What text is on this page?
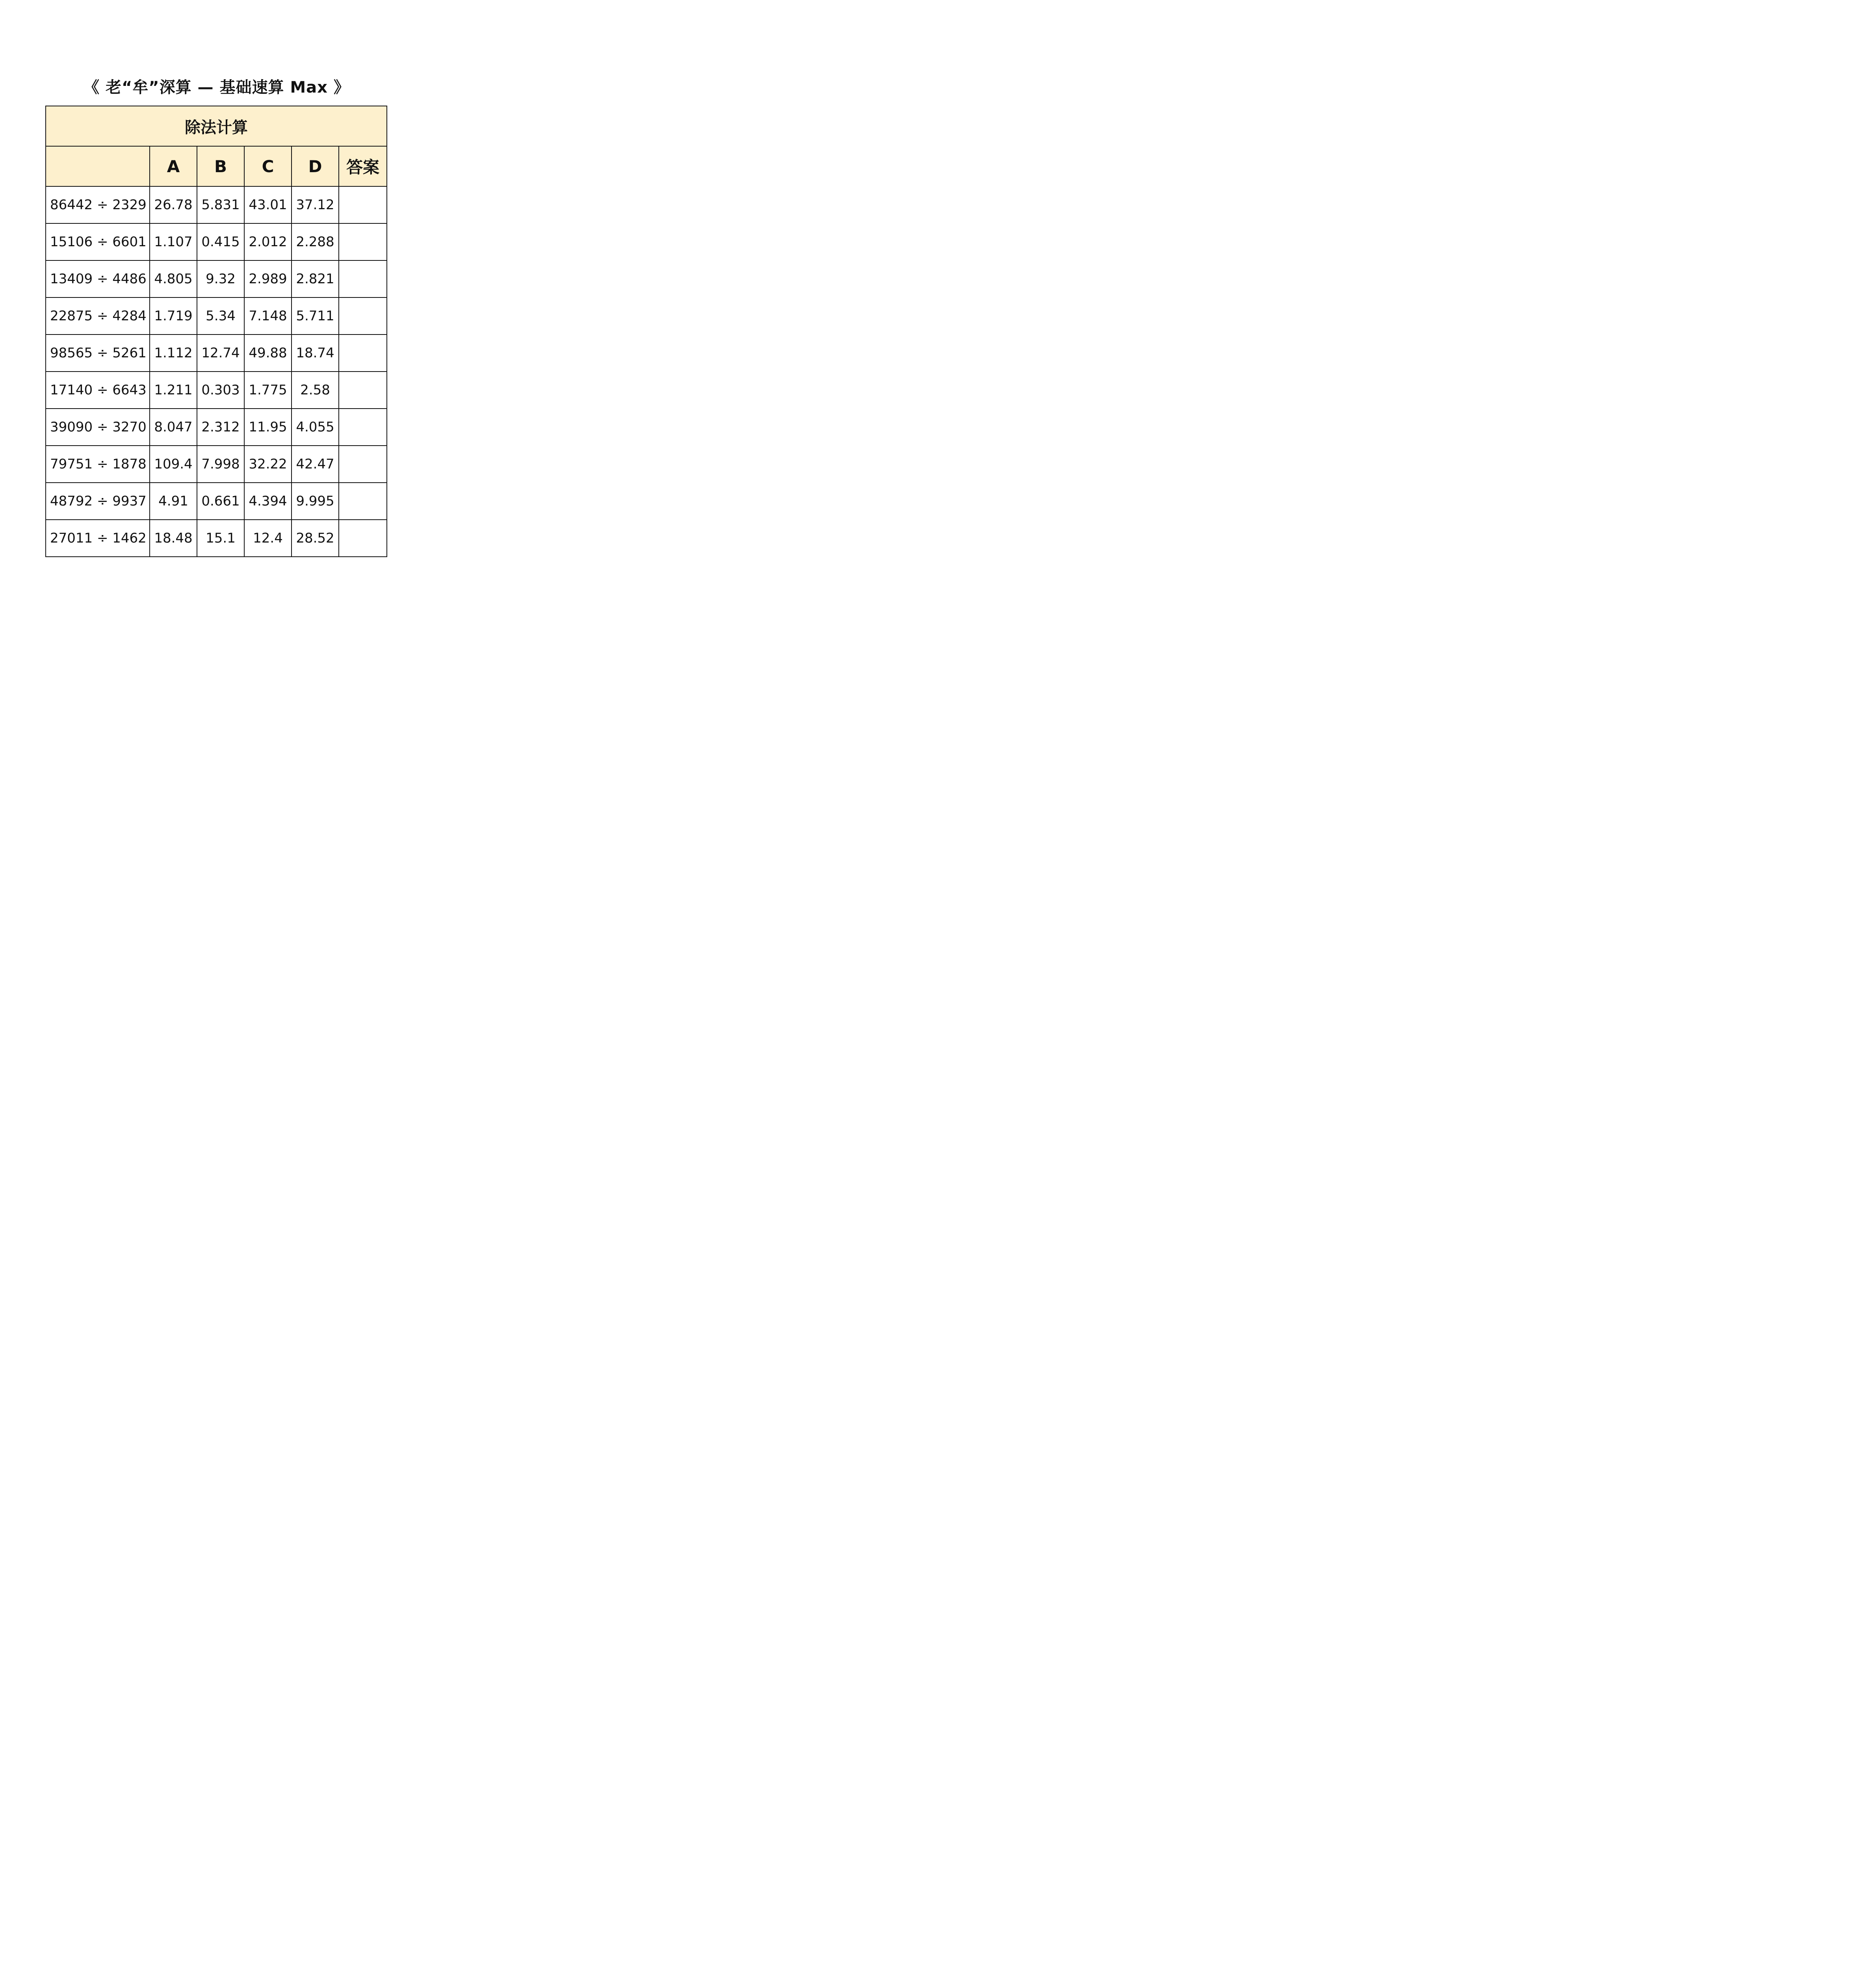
《 老“牟”深算 — 基础速算 Max 》
除法计算					
	A	B	C	D	答案
86442 ÷ 2329	26.78	5.831	43.01	37.12	
15106 ÷ 6601	1.107	0.415	2.012	2.288	
13409 ÷ 4486	4.805	9.32	2.989	2.821	
22875 ÷ 4284	1.719	5.34	7.148	5.711	
98565 ÷ 5261	1.112	12.74	49.88	18.74	
17140 ÷ 6643	1.211	0.303	1.775	2.58	
39090 ÷ 3270	8.047	2.312	11.95	4.055	
79751 ÷ 1878	109.4	7.998	32.22	42.47	
48792 ÷ 9937	4.91	0.661	4.394	9.995	
27011 ÷ 1462	18.48	15.1	12.4	28.52	
